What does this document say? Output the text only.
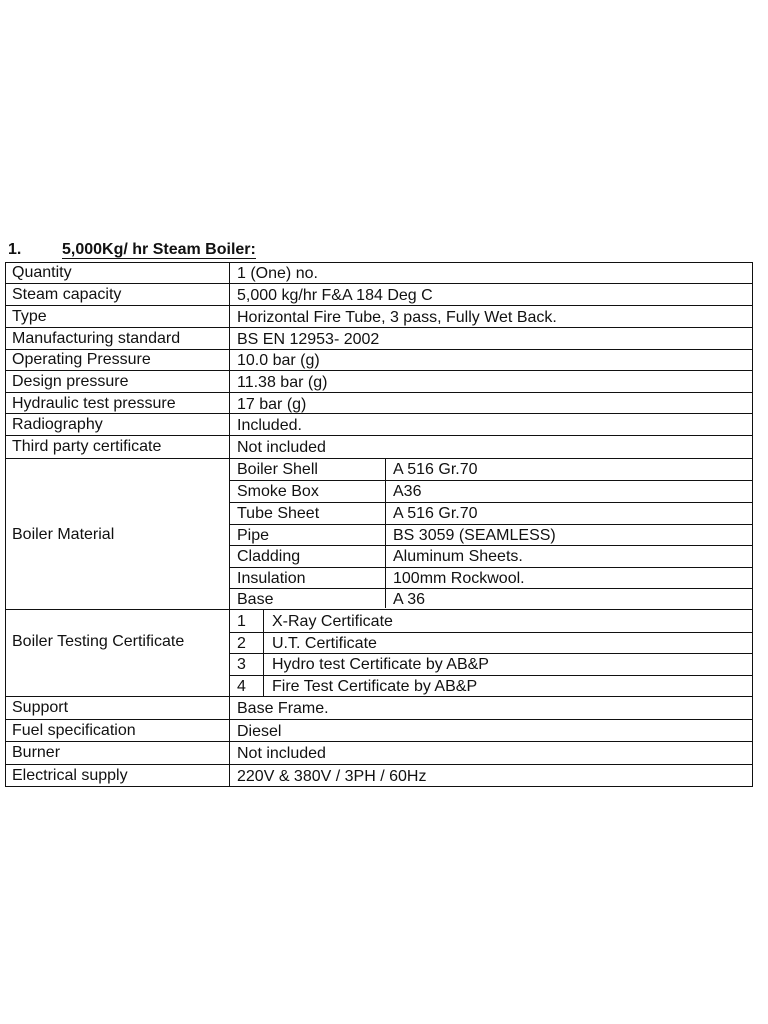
1.	5,000Kg/ hr Steam Boiler:
Quantity	1 (One) no.
Steam capacity	5,000 kg/hr F&A 184 Deg C
Type	Horizontal Fire Tube, 3 pass, Fully Wet Back.
Manufacturing standard	BS EN 12953- 2002
Operating Pressure	10.0 bar (g)
Design pressure	11.38 bar (g)
Hydraulic test pressure	17 bar (g)
Radiography	Included.
Third party certificate	Not included
Boiler Material
Boiler Shell	A 516 Gr.70
Smoke Box	A36
Tube Sheet	A 516 Gr.70
Pipe	BS 3059 (SEAMLESS)
Cladding	Aluminum Sheets.
Insulation	100mm Rockwool.
Base	A 36
Boiler Testing Certificate
1 X-Ray Certificate
2 U.T. Certificate
3 Hydro test Certificate by AB&P
4 Fire Test Certificate by AB&P
Support	Base Frame.
Fuel specification	Diesel
Burner	Not included
Electrical supply	220V & 380V / 3PH / 60Hz
